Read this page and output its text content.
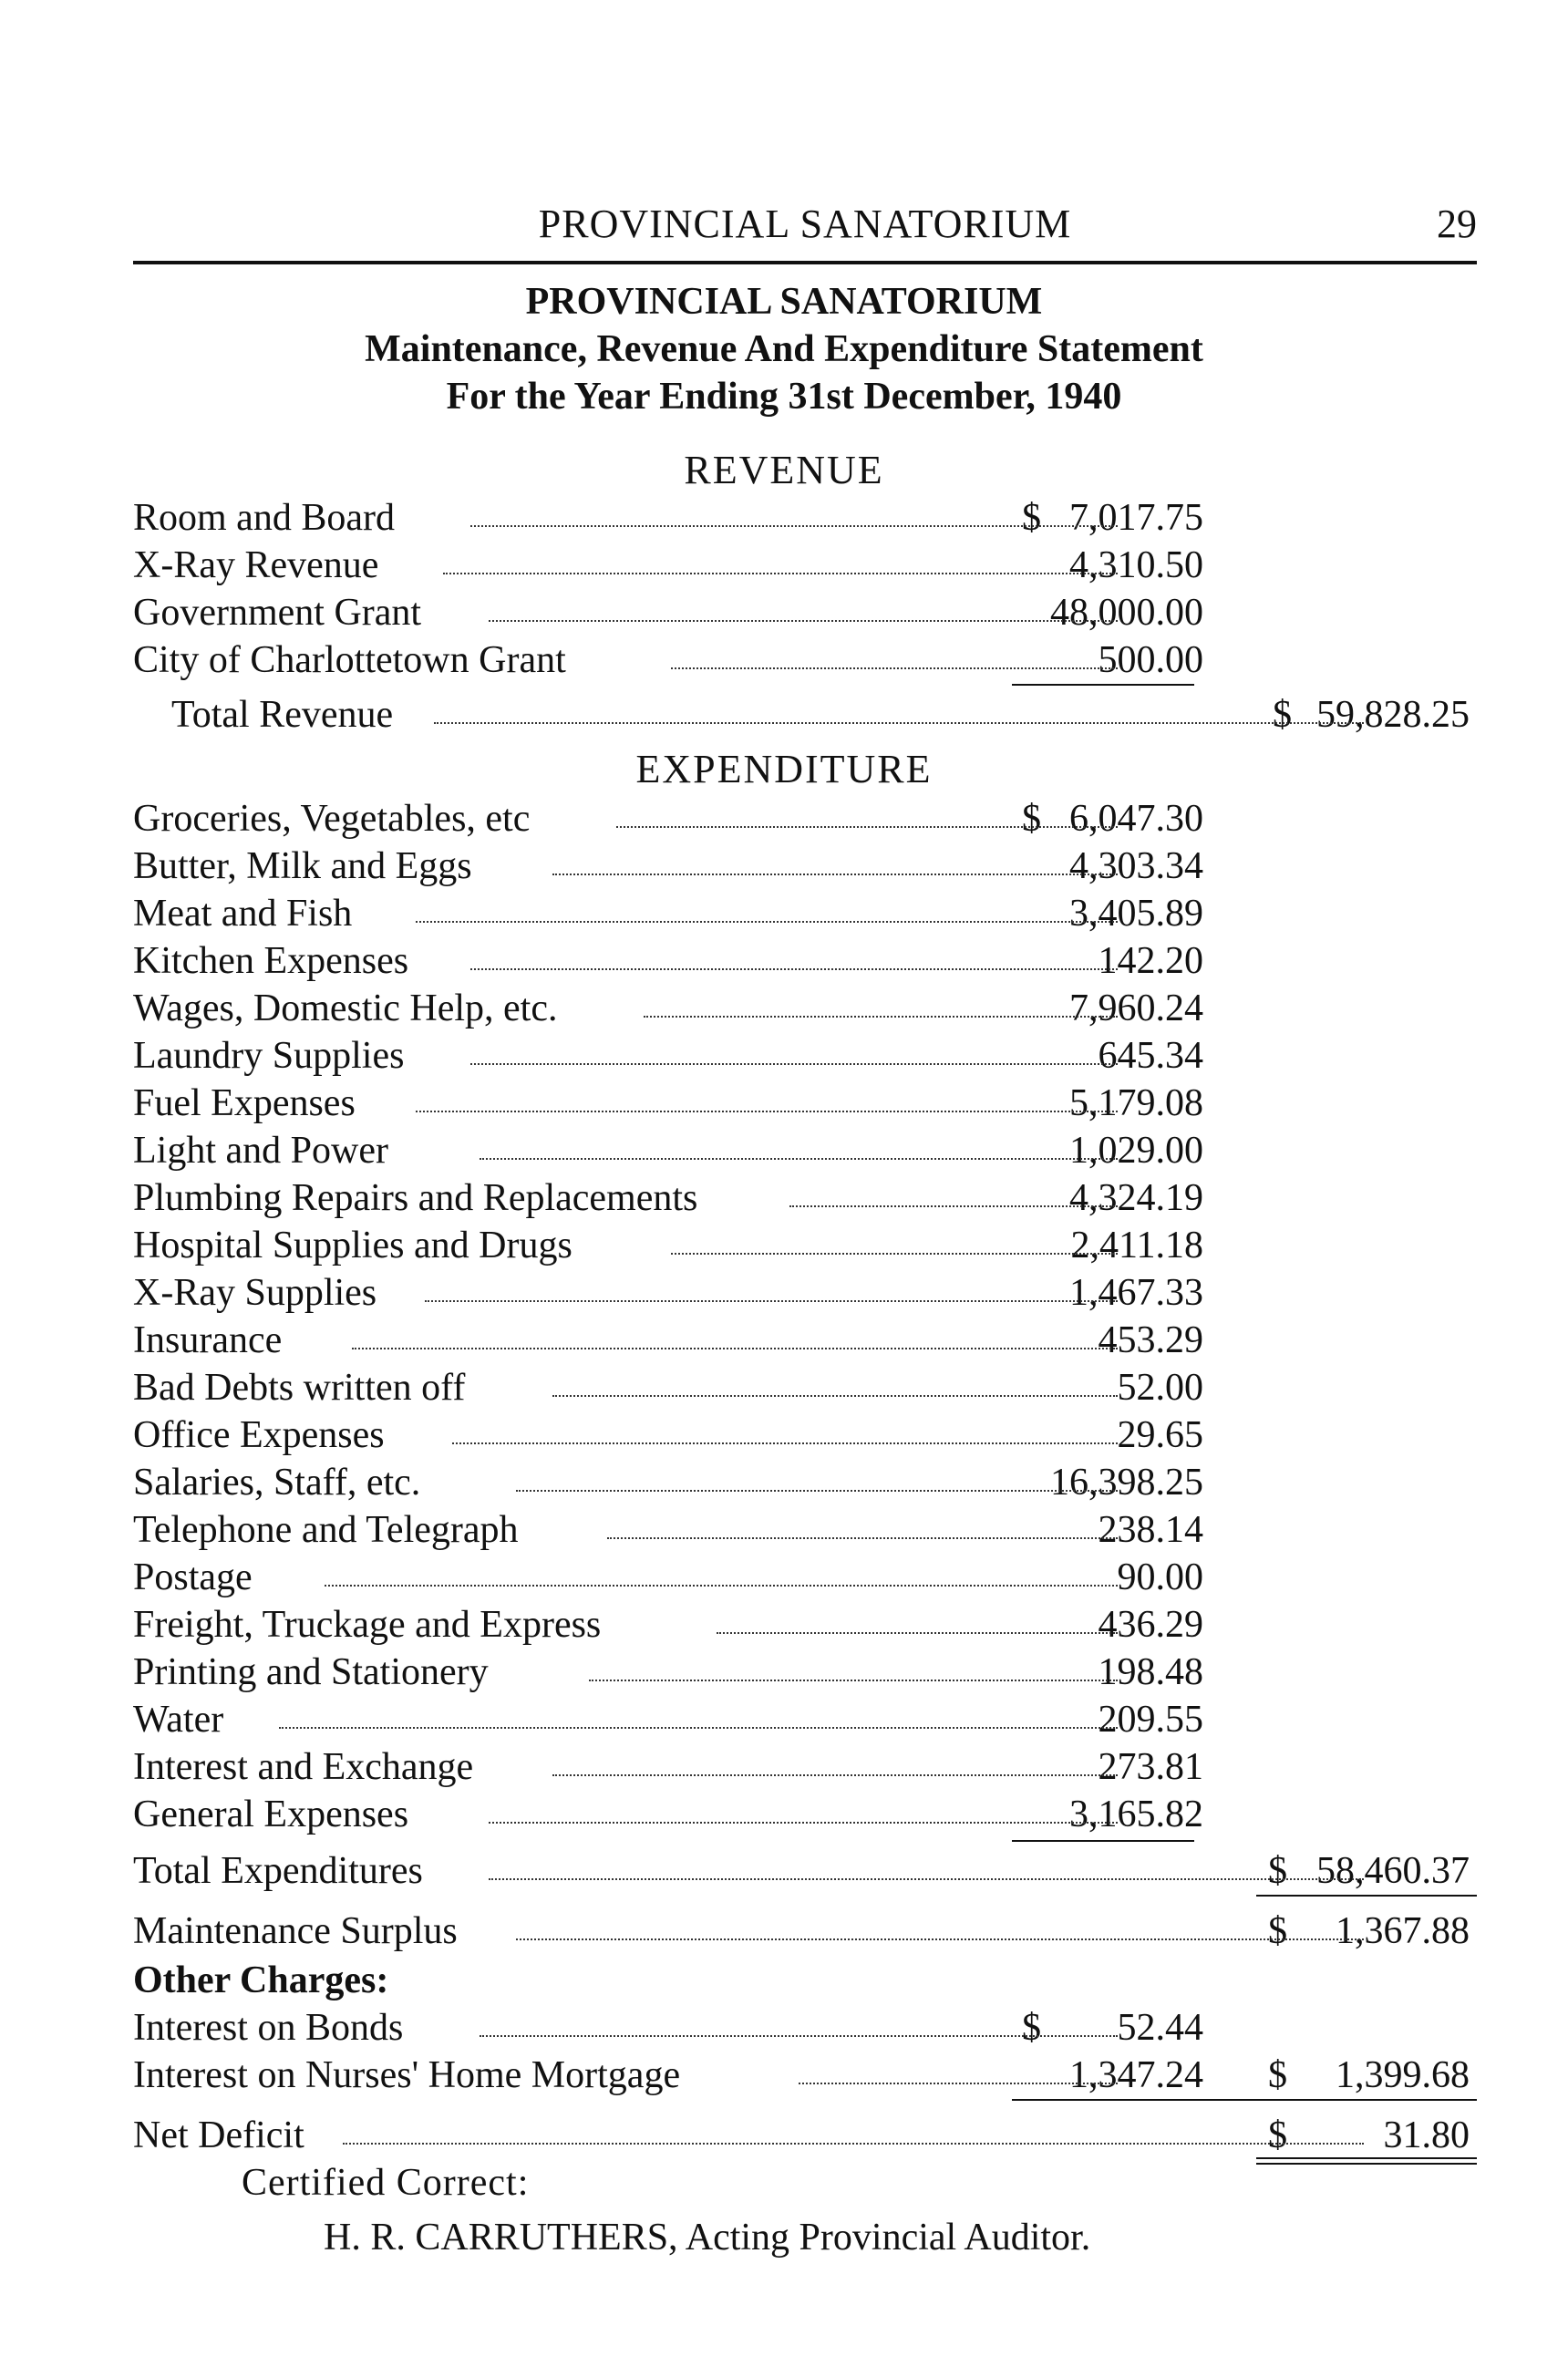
PROVINCIAL SANATORIUM	29
PROVINCIAL SANATORIUM
Maintenance, Revenue And Expenditure Statement
For the Year Ending 31st December, 1940
REVENUE
Room and Board	$ 7,017.75
X-Ray Revenue	4,310.50
Government Grant	48,000.00
City of Charlottetown Grant	500.00
Total Revenue	$ 59,828.25
EXPENDITURE
Groceries, Vegetables, etc	$ 6,047.30
Butter, Milk and Eggs	4,303.34
Meat and Fish	3,405.89
Kitchen Expenses	142.20
Wages, Domestic Help, etc.	7,960.24
Laundry Supplies	645.34
Fuel Expenses	5,179.08
Light and Power	1,029.00
Plumbing Repairs and Replacements	4,324.19
Hospital Supplies and Drugs	2,411.18
X-Ray Supplies	1,467.33
Insurance	453.29
Bad Debts written off	52.00
Office Expenses	29.65
Salaries, Staff, etc.	16,398.25
Telephone and Telegraph	238.14
Postage	90.00
Freight, Truckage and Express	436.29
Printing and Stationery	198.48
Water	209.55
Interest and Exchange	273.81
General Expenses	3,165.82
Total Expenditures	$ 58,460.37
Maintenance Surplus	$ 1,367.88
Other Charges:
Interest on Bonds	$ 52.44
Interest on Nurses' Home Mortgage	1,347.24 $ 1,399.68
Net Deficit	$	31.80
Certified Correct:
H. R. CARRUTHERS, Acting Provincial Auditor.
